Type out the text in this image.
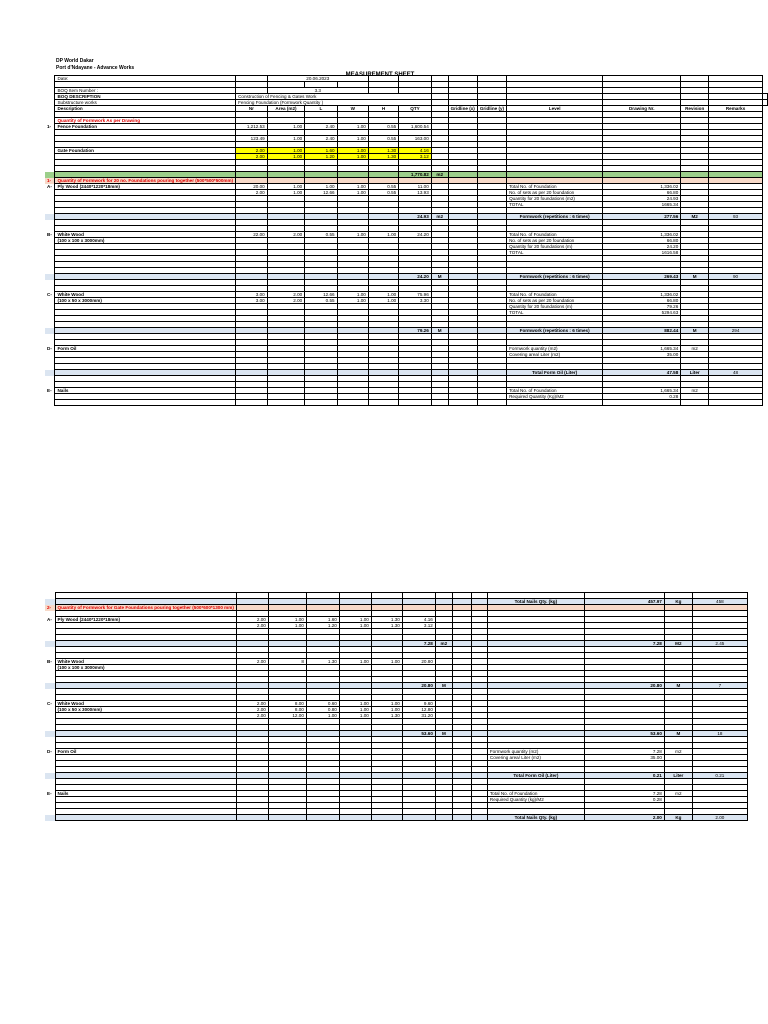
DP World Dakar
Port d'Ndayane - Advance Works
MEASUREMENT SHEET
	Date:		20.06.2023												

	BOQ Item Number :		3.3												
	BOQ DESCRIPTION	Construction of Fencing & Gates Work													
	Substructure works	Fencing Foundation (Formwork Quantity )													
	Description	Nr	Area (m2)	L	W	H	QTY		Gridline (x)	Gridline (y)	Level	Drawing Nr.	Revision	Remarks	

	Quantity of Formwork As per Drawing														
1-	Fence Foundation	1,212.53	1.00	2.40	1.00	0.55	1,600.54								

		123.49	1.00	2.40	1.00	0.55	163.00								

	Gate Foundation	2.00	1.00	1.60	1.00	1.30	4.16								
		2.00	1.00	1.20	1.00	1.30	3.12								

							1,770.82	m2							
1-	Quantity of Formwork for 20 no. Foundations pouring together (500*500*500mm)														
A-	Ply Wood (2440*1220*18mm)	20.00	1.00	1.00	1.00	0.55	11.00				Total No. of Foundation	1,336.02			
		2.00	1.00	12.66	1.00	0.55	13.93				No. of sets as per 20 foundation	66.80			
											Quantity for 20 foundations (m2)	24.93			
											TOTAL	1665.34			

							24.93	m2			Formwork (repetitions : 6 times)	277.56	M2	93	

B-	White Wood	22.00	2.00	0.55	1.00	1.00	24.20				Total No. of Foundation	1,336.02			
	(100 x 100 x 3000mm)										No. of sets as per 20 foundation	66.80			
											Quantity for 20 foundations (m)	24.20			
											TOTAL	1616.58			

							24.20	M			Formwork (repetitions : 6 times)	269.43	M	90	

C-	White Wood	3.00	2.00	12.66	1.00	1.00	75.96				Total No. of Foundation	1,336.02			
	(100 x 50 x 3000mm)	3.00	2.00	0.55	1.00	1.00	3.30				No. of sets as per 20 foundation	66.80			
											Quantity for 20 foundations (m)	79.26			
											TOTAL	5294.63			

							79.26	M			Formwork (repetitions : 6 times)	882.44	M	294	

D-	Form Oil										Formwork quantity (m2)	1,665.34	m2		
											Covering area/ Liter (m2)	35.00			

											Total Form Oil (Liter)	47.58	Liter	48	

E-	Nails										Total No. of Foundation	1,665.34	m2		
											Required Quantity (Kg)/M2	0.28			

											Total Nails Qty. (kg)	457.97	Kg	458
2-	Quantity of Formwork for Gate Foundations pouring together (500*600*1300 mm)													

A-	Ply Wood (2440*1220*18mm)	2.00	1.00	1.60	1.00	1.30	4.16							
		2.00	1.00	1.20	1.00	1.30	3.12							

							7.28	m2				7.28	M2	2.45

B-	White Wood	2.00	8	1.30	1.00	1.00	20.80							
	(100 x 100 x 3000mm)													

							20.80	M				20.80	M	7

C-	White Wood	2.00	8.00	0.60	1.00	1.00	9.60							
	(100 x 50 x 3000mm)	2.00	8.00	0.80	1.00	1.00	12.80							
		2.00	12.00	1.00	1.00	1.30	31.20							

							53.60	M				53.60	M	18

D-	Form Oil										Formwork quantity (m2)	7.28	m2	
											Covering area/ Liter (m2)	35.00		

											Total Form Oil (Liter)	0.21	Liter	0.21

E-	Nails										Total No. of Foundation	7.28	m2	
											Required Quantity (kg)/M2	0.28		

											Total Nails Qty. (kg)	2.00	Kg	2.00
